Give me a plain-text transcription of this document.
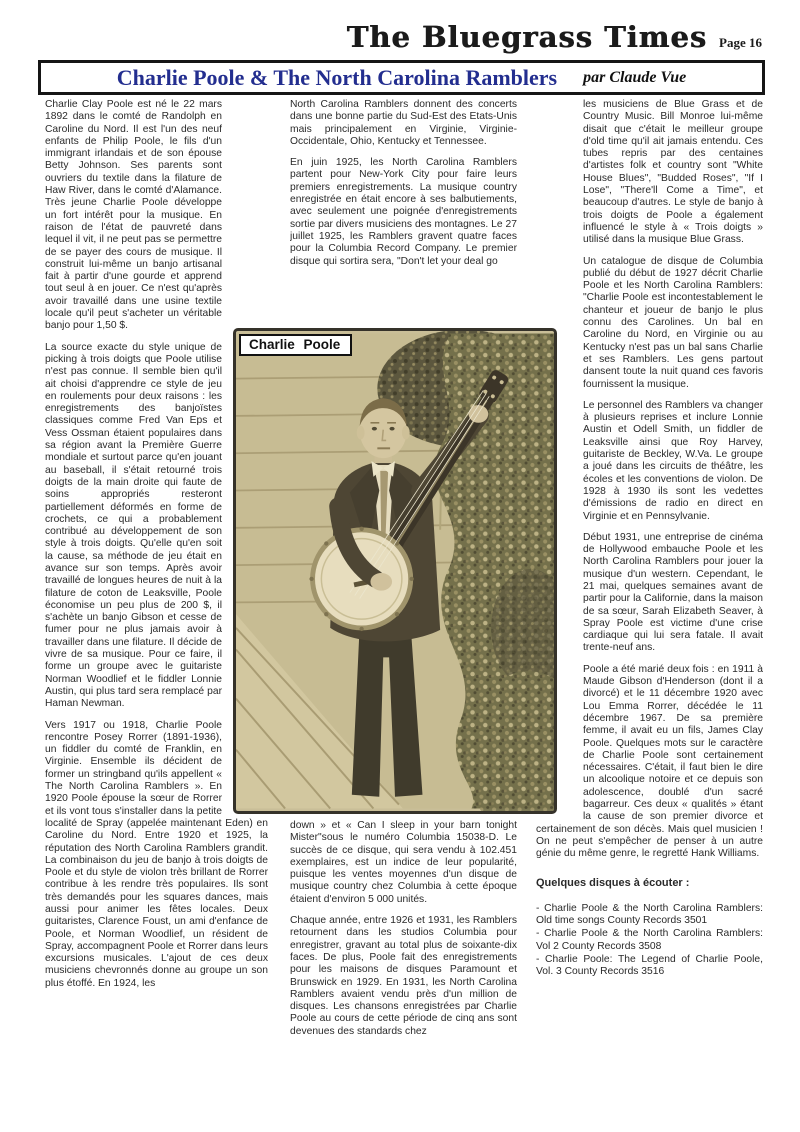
The Bluegrass Times Page 16
Charlie Poole & The North Carolina Ramblers par Claude Vue

Charlie Clay Poole est né le 22 mars 1892 dans le comté de Randolph en Caroline du Nord. Il est l'un des neuf enfants de Philip Poole, le fils d'un immigrant irlandais et de son épouse Betty Johnson. Ses parents sont ouvriers du textile dans la filature de Haw River, dans le comté d'Alamance. Très jeune Charlie Poole développe un fort intérêt pour la musique. En raison de l'état de pauvreté dans lequel il vit, il ne peut pas se permettre de se payer des cours de musique. Il construit lui-même un banjo artisanal fait à partir d'une gourde et apprend tout seul à en jouer. Ce n'est qu'après avoir travaillé dans une usine textile locale qu'il peut s'acheter un véritable banjo pour 1,50 $.

La source exacte du style unique de picking à trois doigts que Poole utilise n'est pas connue. Il semble bien qu'il ait choisi d'apprendre ce style de jeu en roulements pour deux raisons : les enregistrements des banjoïstes classiques comme Fred Van Eps et Vess Ossman étaient populaires dans sa région avant la Première Guerre mondiale et surtout parce qu'en jouant au baseball, il s'était retourné trois doigts de la main droite qui faute de soins appropriés resteront partiellement déformés en forme de crochets, ce qui a probablement contribué au développement de son style à trois doigts. Qu'elle qu'en soit la cause, sa méthode de jeu était en avance sur son temps. Après avoir travaillé de longues heures de nuit à la filature de coton de Leaksville, Poole économise un peu plus de 200 $, il s'achète un banjo Gibson et cesse de fumer pour ne plus jamais avoir à travailler dans une filature. Il décide de vivre de sa musique. Pour ce faire, il forme un groupe avec le guitariste Norman Woodlief et le fiddler Lonnie Austin, qui plus tard sera remplacé par Haman Newman.

Vers 1917 ou 1918, Charlie Poole rencontre Posey Rorrer (1891-1936), un fiddler du comté de Franklin, en Virginie. Ensemble ils décident de former un stringband qu'ils appellent « The North Carolina Ramblers ». En 1920 Poole épouse la sœur de Rorrer et ils vont tous s'installer dans la petite localité de Spray (appelée maintenant Eden) en Caroline du Nord. Entre 1920 et 1925, la réputation des North Carolina Ramblers grandit. La combinaison du jeu de banjo à trois doigts de Poole et du style de violon très brillant de Rorrer contribue à les rendre très populaires. Ils sont très demandés pour les squares dances, mais aussi pour animer les fêtes locales. Deux guitaristes, Clarence Foust, un ami d'enfance de Poole, et Norman Woodlief, un résident de Spray, accompagnent Poole et Rorrer dans leurs excursions musicales. L'ajout de ces deux musiciens chevronnés donne au groupe un son plus étoffé. En 1924, les

North Carolina Ramblers donnent des concerts dans une bonne partie du Sud-Est des Etats-Unis mais principalement en Virginie, Virginie-Occidentale, Ohio, Kentucky et Tennessee.

En juin 1925, les North Carolina Ramblers partent pour New-York City pour faire leurs premiers enregistrements. La musique country enregistrée en était encore à ses balbutiements, avec seulement une poignée d'enregistrements sortie par divers musiciens des montagnes. Le 27 juillet 1925, les Ramblers gravent quatre faces pour la Columbia Record Company. Le premier disque qui sortira sera, "Don't let your deal go

down » et « Can I sleep in your barn tonight Mister"sous le numéro Columbia 15038-D. Le succès de ce disque, qui sera vendu à 102.451 exemplaires, est un indice de leur popularité, puisque les ventes moyennes d'un disque de musique country chez Columbia à cette époque étaient d'environ 5 000 unités.

Chaque année, entre 1926 et 1931, les Ramblers retournent dans les studios Columbia pour enregistrer, gravant au total plus de soixante-dix faces. De plus, Poole fait des enregistrements pour les maisons de disques Paramount et Brunswick en 1929. En 1931, les North Carolina Ramblers avaient vendu près d'un million de disques. Les chansons enregistrées par Charlie Poole au cours de cette période de cinq ans sont devenues des standards chez

les musiciens de Blue Grass et de Country Music. Bill Monroe lui-même disait que c'était le meilleur groupe d'old time qu'il ait jamais entendu. Ces tubes repris par des centaines d'artistes folk et country sont "White House Blues", "Budded Roses", "If I Lose", "There'll Come a Time", et beaucoup d'autres. Le style de banjo à trois doigts de Poole a également influencé le style à « Trois doigts » utilisé dans la musique Blue Grass.

Un catalogue de disque de Columbia publié du début de 1927 décrit Charlie Poole et les North Carolina Ramblers: "Charlie Poole est incontestablement le chanteur et joueur de banjo le plus connu des Carolines. Un bal en Caroline du Nord, en Virginie ou au Kentucky n'est pas un bal sans Charlie et ses Ramblers. Les gens partout dansent toute la nuit quand ces favoris fournissent la musique.

Le personnel des Ramblers va changer à plusieurs reprises et inclure Lonnie Austin et Odell Smith, un fiddler de Leaksville ainsi que Roy Harvey, guitariste de Beckley, W.Va. Le groupe a joué dans les circuits de théâtre, les écoles et les conventions de violon. De 1928 à 1930 ils sont les vedettes d'émissions de radio en direct en Virginie et en Pennsylvanie.

Début 1931, une entreprise de cinéma de Hollywood embauche Poole et les North Carolina Ramblers pour jouer la musique d'un western. Cependant, le 21 mai, quelques semaines avant de partir pour la Californie, dans la maison de sa sœur, Sarah Elizabeth Seaver, à Spray Poole est victime d'une crise cardiaque qui lui sera fatale. Il avait trente-neuf ans.

Poole a été marié deux fois : en 1911 à Maude Gibson d'Henderson (dont il a divorcé) et le 11 décembre 1920 avec Lou Emma Rorrer, décédée le 11 décembre 1967. De sa première femme, il avait eu un fils, James Clay Poole. Quelques mots sur le caractère de Charlie Poole sont certainement nécessaires. C'était, il faut bien le dire un alcoolique notoire et ce depuis son adolescence, doublé d'un sacré bagarreur. Ces deux « qualités » étant la cause de son premier divorce et certainement de son décès. Mais quel musicien ! On ne peut s'empêcher de penser à un autre génie du même genre, le regretté Hank Williams.

Quelques disques à écouter :

- Charlie Poole & the North Carolina Ramblers: Old time songs County Records 3501

- Charlie Poole & the North Carolina Ramblers: Vol 2 County Records 3508

- Charlie Poole: The Legend of Charlie Poole, Vol. 3 County Records 3516

Charlie Poole
